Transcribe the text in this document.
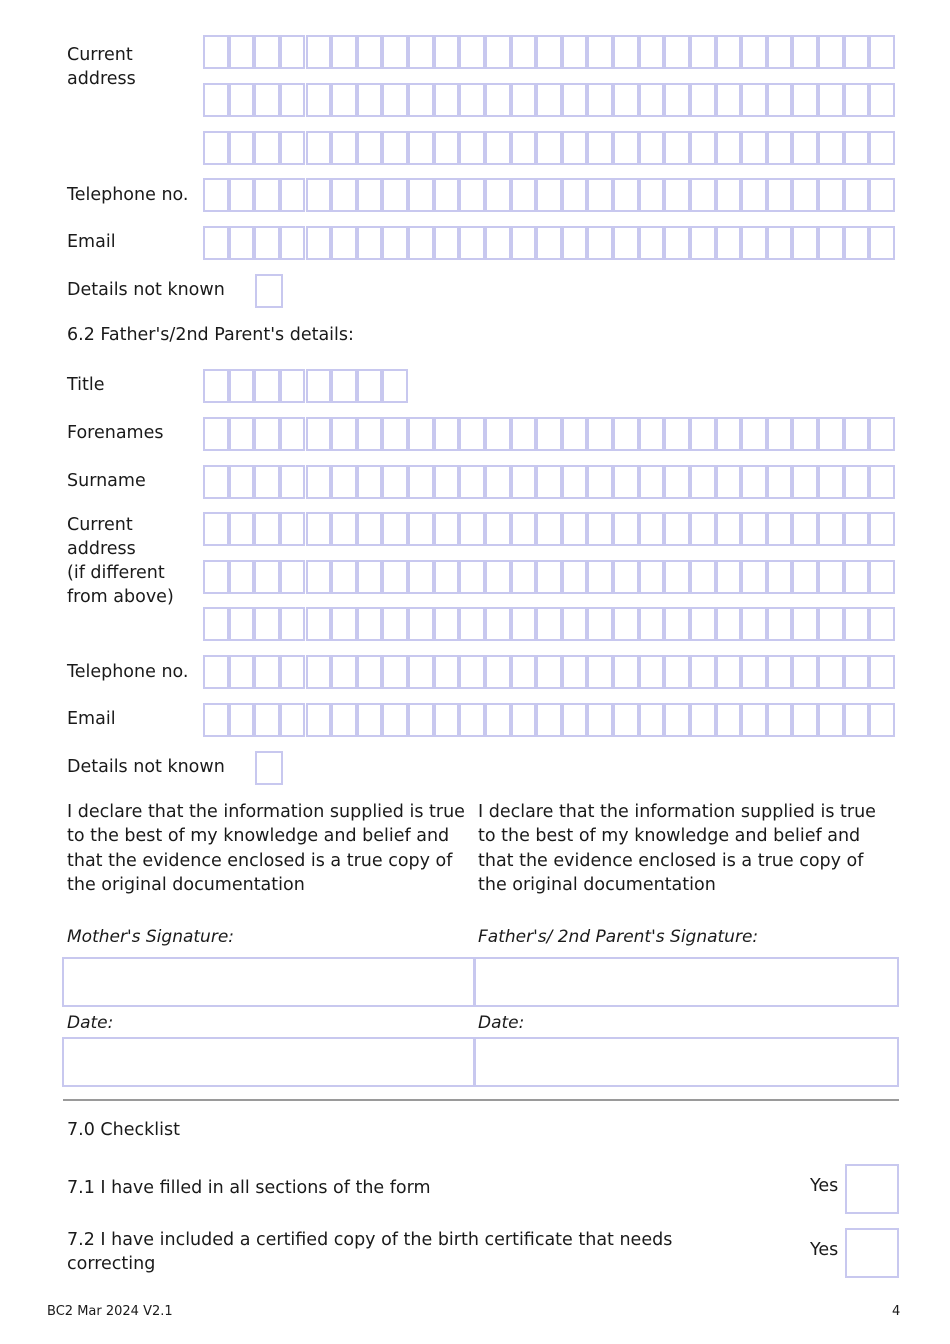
Current
address
Telephone no.
Email
Details not known
6.2 Father's/2nd Parent's details:
Title
Forenames
Surname
Current
address
(if different
from above)
Telephone no.
Email
Details not known
I declare that the information supplied is true to the best of my knowledge and belief and that the evidence enclosed is a true copy of the original documentation
I declare that the information supplied is true to the best of my knowledge and belief and that the evidence enclosed is a true copy of the original documentation
Mother's Signature:	Father's/ 2nd Parent's Signature:
Date:	Date:
7.0 Checklist
7.1 I have filled in all sections of the form	Yes
7.2 I have included a certified copy of the birth certificate that needs
correcting
Yes
BC2 Mar 2024 V2.1	4
